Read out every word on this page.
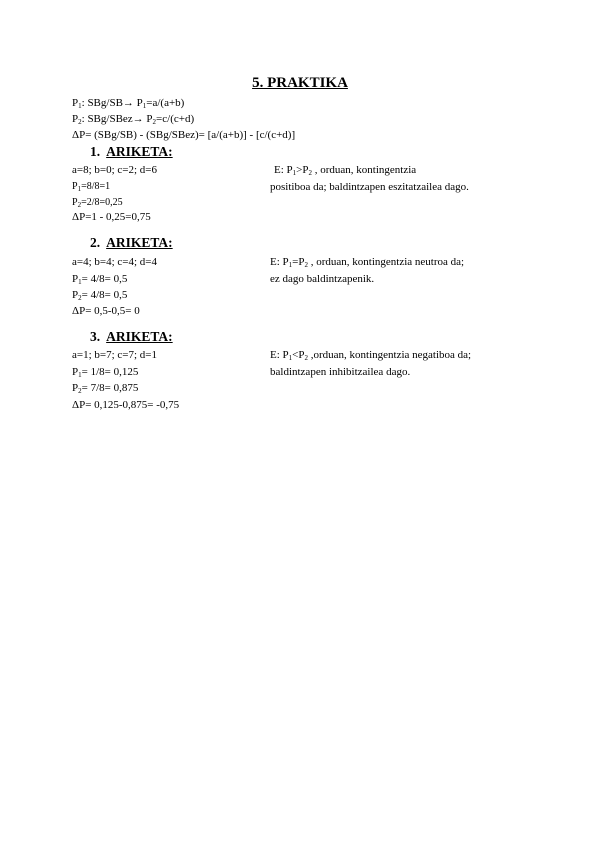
5. PRAKTIKA
$P_1$: $SBg/SB\to P_1=a/(a+b)$
$P_2$: SBg/SBez→ $P_2=c/(c+d)$
ΔP= (SBg/SB) - (SBg/SBez)= [a/(a+b)] - [c/(c+d)]
1. ARIKETA:
a=8; b=0; c=2; d=6
$P_1=8/8=1$
$P_2=2/8=0,25$
ΔP=1 - 0,25=0,75
E: $P_1>P_2$ , orduan, kontingentzia
positiboa da; baldintzapen eszitatzailea dago.
2. ARIKETA:
a=4; b=4; c=4; d=4
$P_1= 4/8= 0,5$
$P_2= 4/8= 0,5$
ΔP= 0,5-0,5= 0
E: $P_1=P_2$ , orduan, kontingentzia neutroa da;
ez dago baldintzapenik.
3. ARIKETA:
a=1; b=7; c=7; d=1
$P_1= 1/8= 0,125$
$P_2= 7/8= 0,875$
ΔP= 0,125-0,875= -0,75
E: $P_1<P_2$ ,orduan, kontingentzia negatiboa da;
baldintzapen inhibitzailea dago.
